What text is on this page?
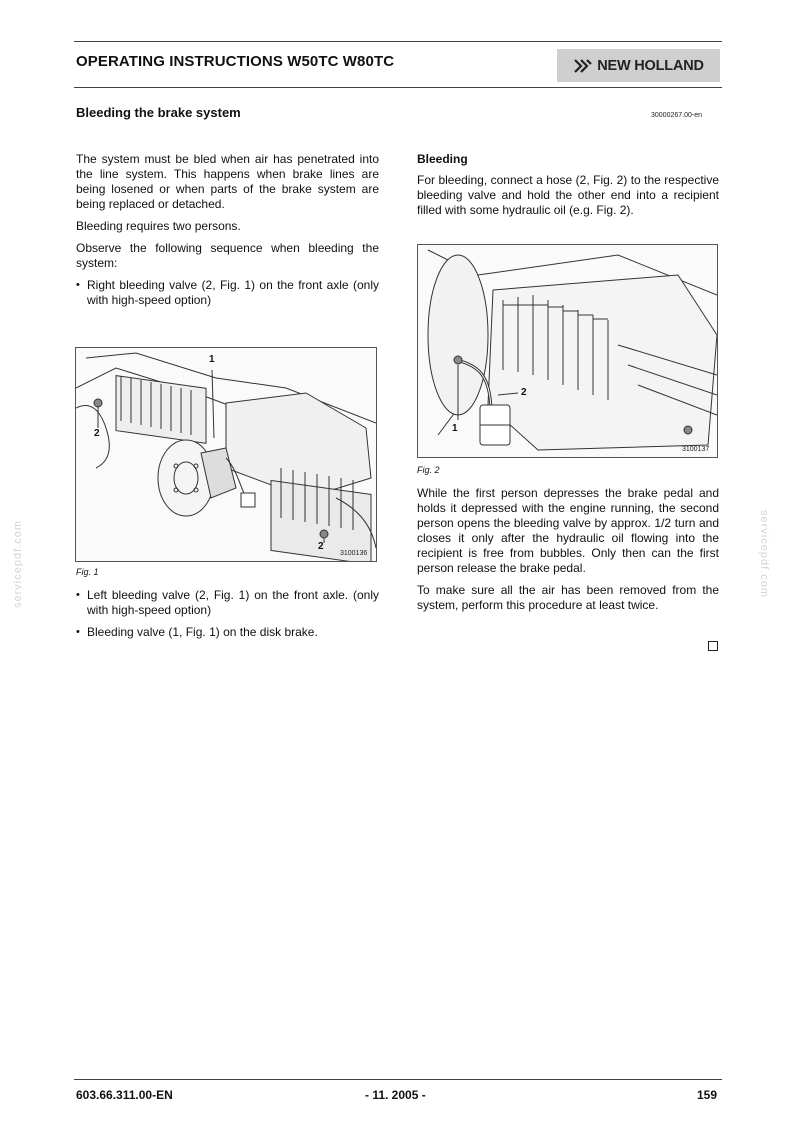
OPERATING INSTRUCTIONS W50TC W80TC	NEW HOLLAND
Bleeding the brake system	30000267.00-en

The system must be bled when air has penetrated into the line system. This happens when brake lines are being losened or when parts of the brake system are being replaced or detached.

Bleeding requires two persons.

Observe the following sequence when bleeding the system:

• Right bleeding valve (2, Fig. 1) on the front axle (only with high-speed option)
1
2
2
3100136
Fig. 1
• Left bleeding valve (2, Fig. 1) on the front axle. (only with high-speed option)
• Bleeding valve (1, Fig. 1) on the disk brake.
Bleeding

For bleeding, connect a hose (2, Fig. 2) to the respective bleeding valve and hold the other end into a recipient filled with some hydraulic oil (e.g. Fig. 2).

1
2
3100137
Fig. 2

While the first person depresses the brake pedal and holds it depressed with the engine running, the second person opens the bleeding valve by approx. 1/2 turn and closes it only after the hydraulic oil flowing into the recipient is free from bubbles. Only then can the first person release the brake pedal.

To make sure all the air has been removed from the system, perform this procedure at least twice.

servicepdf.com	servicepdf.com
603.66.311.00-EN	- 11. 2005 -	159
